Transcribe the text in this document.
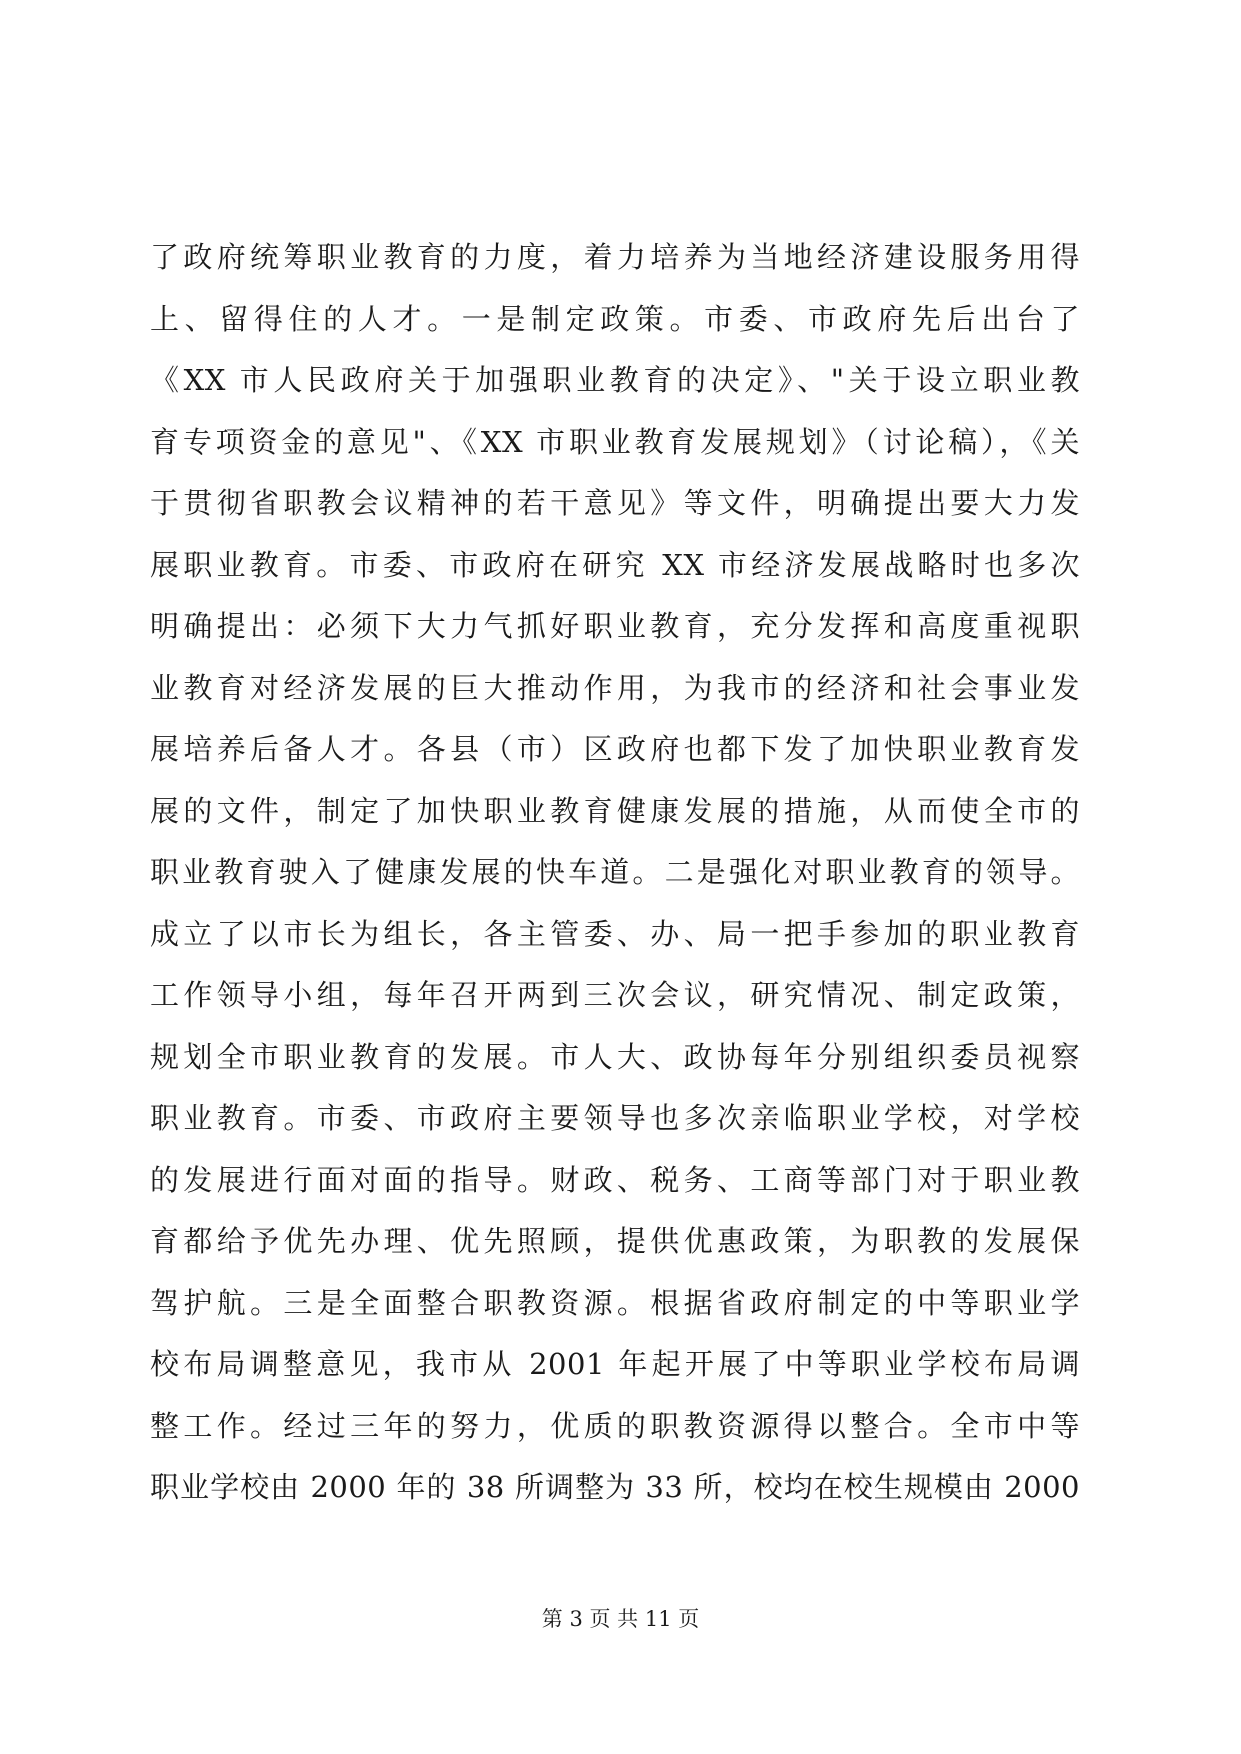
了政府统筹职业教育的力度，着力培养为当地经济建设服务用得
上、留得住的人才。一是制定政策。市委、市政府先后出台了
《XX 市人民政府关于加强职业教育的决定》、"关于设立职业教
育专项资金的意见"、《XX 市职业教育发展规划》（讨论稿），《关
于贯彻省职教会议精神的若干意见》等文件，明确提出要大力发
展职业教育。市委、市政府在研究 XX 市经济发展战略时也多次
明确提出：必须下大力气抓好职业教育，充分发挥和高度重视职
业教育对经济发展的巨大推动作用，为我市的经济和社会事业发
展培养后备人才。各县（市）区政府也都下发了加快职业教育发
展的文件，制定了加快职业教育健康发展的措施，从而使全市的
职业教育驶入了健康发展的快车道。二是强化对职业教育的领导。
成立了以市长为组长，各主管委、办、局一把手参加的职业教育
工作领导小组，每年召开两到三次会议，研究情况、制定政策，
规划全市职业教育的发展。市人大、政协每年分别组织委员视察
职业教育。市委、市政府主要领导也多次亲临职业学校，对学校
的发展进行面对面的指导。财政、税务、工商等部门对于职业教
育都给予优先办理、优先照顾，提供优惠政策，为职教的发展保
驾护航。三是全面整合职教资源。根据省政府制定的中等职业学
校布局调整意见，我市从 2001 年起开展了中等职业学校布局调
整工作。经过三年的努力，优质的职教资源得以整合。全市中等
职业学校由 2000 年的 38 所调整为 33 所，校均在校生规模由 2000
第 3 页 共 11 页
